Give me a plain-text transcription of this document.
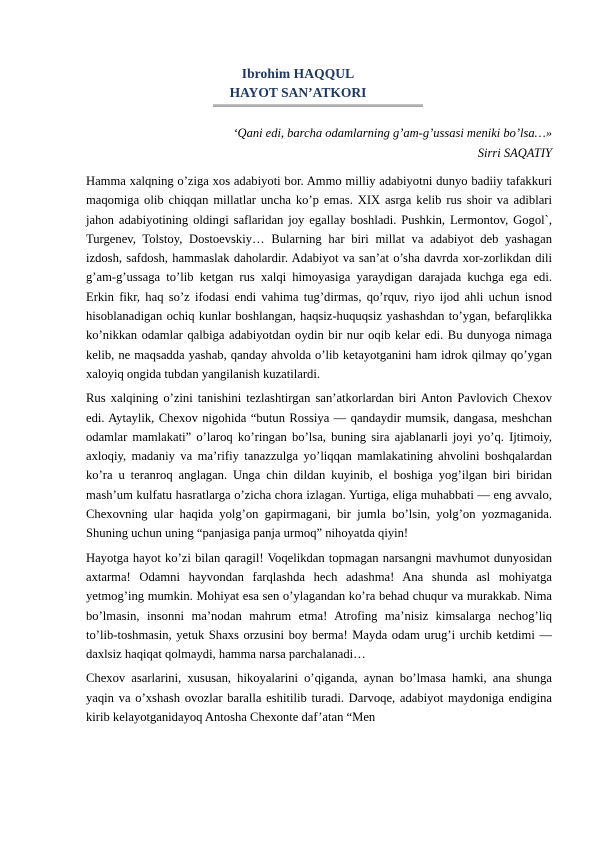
Ibrohim HAQQUL
HAYOT SAN’ATKORI
‘Qani edi, barcha odamlarning g’am-g’ussasi meniki bo’lsa…»
Sirri SAQATIY

Hamma xalqning o’ziga xos adabiyoti bor. Ammo milliy adabiyotni dunyo badiiy tafakkuri maqomiga olib chiqqan millatlar uncha ko’p emas. XIX asrga kelib rus shoir va adiblari jahon adabiyotining oldingi saflaridan joy egallay boshladi. Pushkin, Lermontov, Gogol`, Turgenev, Tolstoy, Dostoevskiy… Bularning har biri millat va adabiyot deb yashagan izdosh, safdosh, hammaslak daholardir. Adabiyot va san’at o’sha davrda xor-zorlikdan dili g’am-g’ussaga to’lib ketgan rus xalqi himoyasiga yaraydigan darajada kuchga ega edi. Erkin fikr, haq so’z ifodasi endi vahima tug’dirmas, qo’rquv, riyo ijod ahli uchun isnod hisoblanadigan ochiq kunlar boshlangan, haqsiz-huquqsiz yashashdan to’ygan, befarqlikka ko’nikkan odamlar qalbiga adabiyotdan oydin bir nur oqib kelar edi. Bu dunyoga nimaga kelib, ne maqsadda yashab, qanday ahvolda o’lib ketayotganini ham idrok qilmay qo’ygan xaloyiq ongida tubdan yangilanish kuzatilardi.

Rus xalqining o’zini tanishini tezlashtirgan san’atkorlardan biri Anton Pavlovich Chexov edi. Aytaylik, Chexov nigohida “butun Rossiya — qandaydir mumsik, dangasa, meshchan odamlar mamlakati” o’laroq ko’ringan bo’lsa, buning sira ajablanarli joyi yo’q. Ijtimoiy, axloqiy, madaniy va ma’rifiy tanazzulga yo’liqqan mamlakatining ahvolini boshqalardan ko’ra u teranroq anglagan. Unga chin dildan kuyinib, el boshiga yog’ilgan biri biridan mash’um kulfatu hasratlarga o’zicha chora izlagan. Yurtiga, eliga muhabbati — eng avvalo, Chexovning ular haqida yolg’on gapirmagani, bir jumla bo’lsin, yolg’on yozmaganida. Shuning uchun uning “panjasiga panja urmoq” nihoyatda qiyin!

Hayotga hayot ko’zi bilan qaragil! Voqelikdan topmagan narsangni mavhumot dunyosidan axtarma! Odamni hayvondan farqlashda hech adashma! Ana shunda asl mohiyatga yetmog’ing mumkin. Mohiyat esa sen o’ylagandan ko’ra behad chuqur va murakkab. Nima bo’lmasin, insonni ma’nodan mahrum etma! Atrofing ma’nisiz kimsalarga nechog’liq to’lib-toshmasin, yetuk Shaxs orzusini boy berma! Mayda odam urug’i urchib ketdimi — daxlsiz haqiqat qolmaydi, hamma narsa parchalanadi…

Chexov asarlarini, xususan, hikoyalarini o’qiganda, aynan bo’lmasa hamki, ana shunga yaqin va o’xshash ovozlar baralla eshitilib turadi. Darvoqe, adabiyot maydoniga endigina kirib kelayotganidayoq Antosha Chexonte daf’atan “Men
